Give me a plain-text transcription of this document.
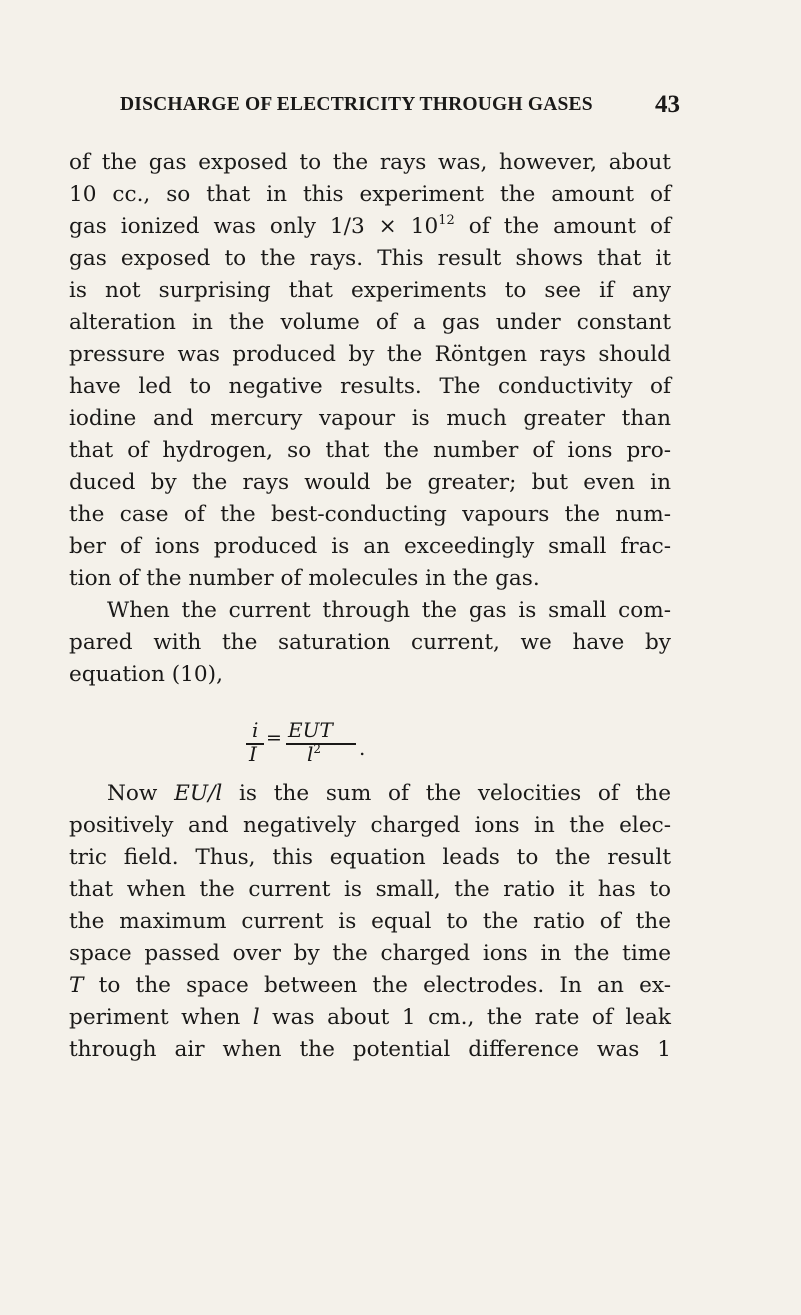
DISCHARGE OF ELECTRICITY THROUGH GASES 43
of the gas exposed to the rays was, however, about
10 cc., so that in this experiment the amount of
gas ionized was only $1/3 \times 10^{12}$ of the amount of
gas exposed to the rays. This result shows that it
is not surprising that experiments to see if any
alteration in the volume of a gas under constant
pressure was produced by the Röntgen rays should
have led to negative results. The conductivity of
iodine and mercury vapour is much greater than
that of hydrogen, so that the number of ions pro-
duced by the rays would be greater; but even in
the case of the best-conducting vapours the num-
ber of ions produced is an exceedingly small frac-
tion of the number of molecules in the gas.
When the current through the gas is small com-
pared with the saturation current, we have by
equation (10),
i
I
= EUT
$l^2$ .
Now EU/l is the sum of the velocities of the
positively and negatively charged ions in the elec-
tric field. Thus, this equation leads to the result
that when the current is small, the ratio it has to
the maximum current is equal to the ratio of the
space passed over by the charged ions in the time
T to the space between the electrodes. In an ex-
periment when l was about 1 cm., the rate of leak
through air when the potential difference was 1
